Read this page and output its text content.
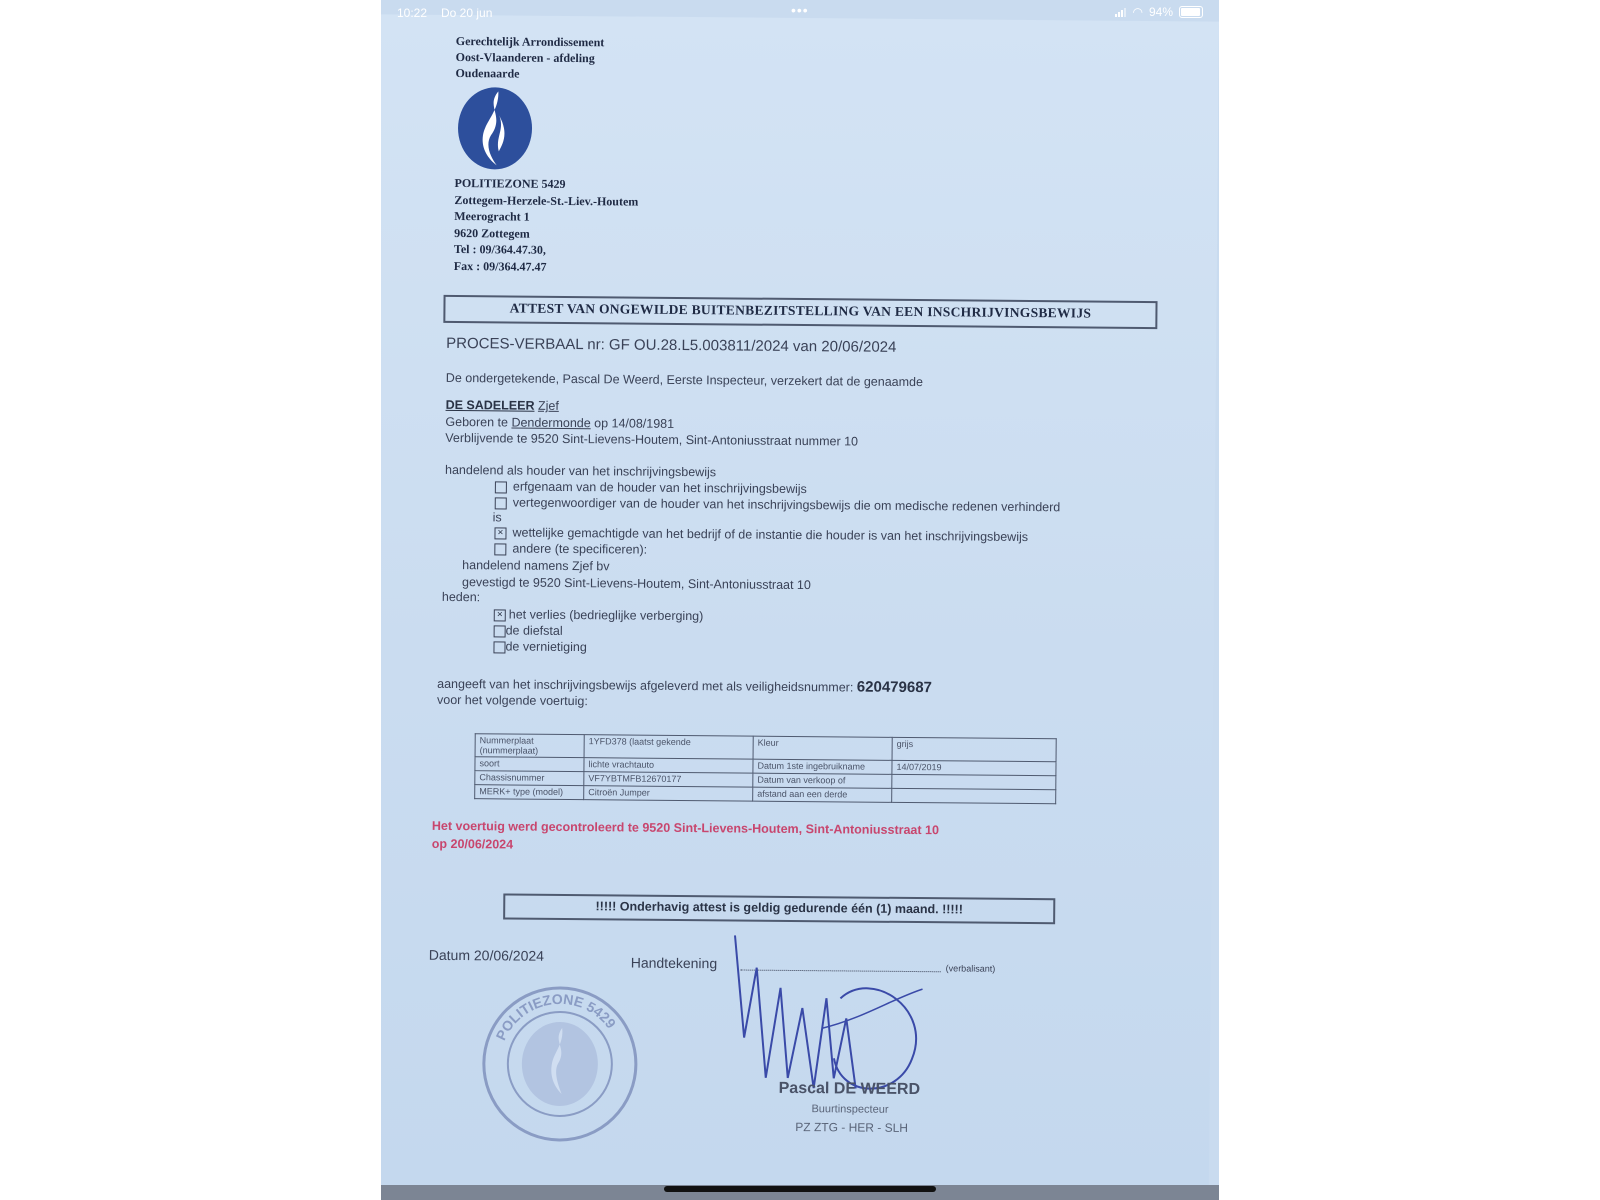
Gerechtelijk Arrondissement
Oost-Vlaanderen - afdeling
Oudenaarde
POLITIEZONE 5429
Zottegem-Herzele-St.-Liev.-Houtem
Meerogracht 1
9620 Zottegem
Tel : 09/364.47.30,
Fax : 09/364.47.47
ATTEST VAN ONGEWILDE BUITENBEZITSTELLING VAN EEN INSCHRIJVINGSBEWIJS
PROCES-VERBAAL nr: GF OU.28.L5.003811/2024 van 20/06/2024
De ondergetekende, Pascal De Weerd, Eerste Inspecteur, verzekert dat de genaamde
DE SADELEER Zjef
Geboren te Dendermonde op 14/08/1981
Verblijvende te 9520 Sint-Lievens-Houtem, Sint-Antoniusstraat nummer 10
handelend als houder van het inschrijvingsbewijs
erfgenaam van de houder van het inschrijvingsbewijs
vertegenwoordiger van de houder van het inschrijvingsbewijs die om medische redenen verhinderd
is
× wettelijke gemachtigde van het bedrijf of de instantie die houder is van het inschrijvingsbewijs
andere (te specificeren):
handelend namens Zjef bv
gevestigd te 9520 Sint-Lievens-Houtem, Sint-Antoniusstraat 10
heden:
× het verlies (bedrieglijke verberging)
de diefstal
de vernietiging
aangeeft van het inschrijvingsbewijs afgeleverd met als veiligheidsnummer: 620479687
voor het volgende voertuig:
Nummerplaat (nummerplaat)	1YFD378 (laatst gekende	Kleur	grijs
soort	lichte vrachtauto	Datum 1ste ingebruikname	14/07/2019
Chassisnummer	VF7YBTMFB12670177	Datum van verkoop of	
MERK+ type (model)	Citroën Jumper	afstand aan een derde	
Het voertuig werd gecontroleerd te 9520 Sint-Lievens-Houtem, Sint-Antoniusstraat 10
op 20/06/2024
!!!!! Onderhavig attest is geldig gedurende één (1) maand. !!!!!
Datum 20/06/2024	Handtekening	(verbalisant)
POLITIEZONE 5429
Pascal DE WEERD
Buurtinspecteur
PZ ZTG - HER - SLH
10:22 Do 20 jun	•••	◠ 94%
